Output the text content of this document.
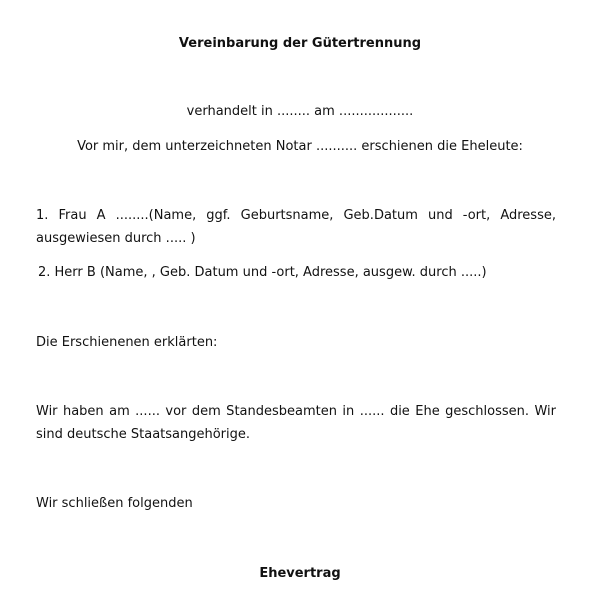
Vereinbarung der Gütertrennung
verhandelt in ........ am ..................
Vor mir, dem unterzeichneten Notar .......... erschienen die Eheleute:
1. Frau A ........(Name, ggf. Geburtsname, Geb.Datum und -ort, Adresse, ausgewiesen durch ..... )
2. Herr B (Name, , Geb. Datum und -ort, Adresse, ausgew. durch .....)
Die Erschienenen erklärten:
Wir haben am ...... vor dem Standesbeamten in ...... die Ehe geschlossen. Wir sind deutsche Staatsangehörige.
Wir schließen folgenden
Ehevertrag
